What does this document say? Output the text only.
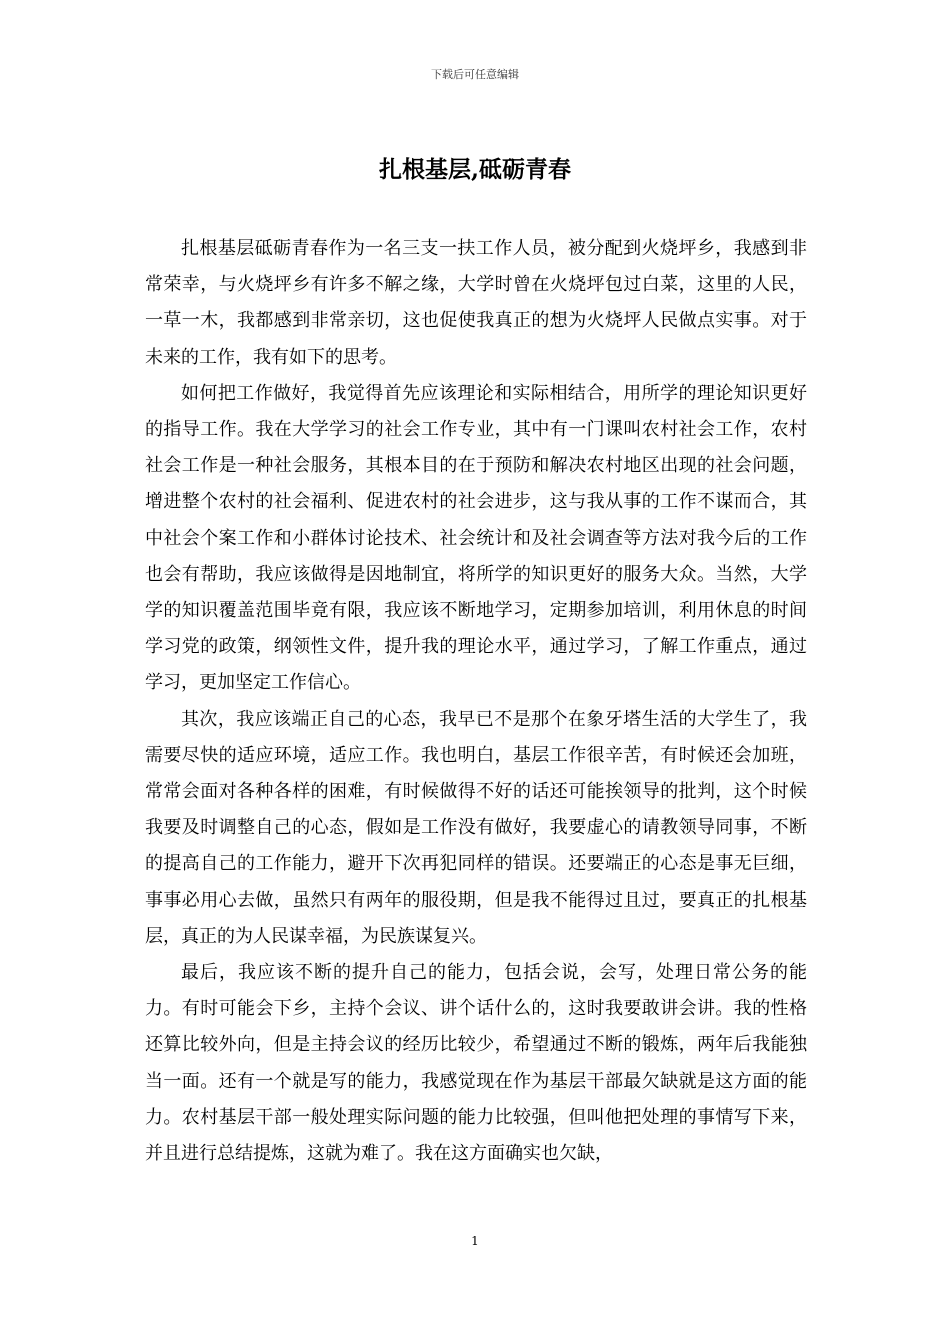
下载后可任意编辑
扎根基层,砥砺青春

扎根基层砥砺青春作为一名三支一扶工作人员，被分配到火烧坪乡，我感到非常荣幸，与火烧坪乡有许多不解之缘，大学时曾在火烧坪包过白菜，这里的人民，一草一木，我都感到非常亲切，这也促使我真正的想为火烧坪人民做点实事。对于未来的工作，我有如下的思考。

如何把工作做好，我觉得首先应该理论和实际相结合，用所学的理论知识更好的指导工作。我在大学学习的社会工作专业，其中有一门课叫农村社会工作，农村社会工作是一种社会服务，其根本目的在于预防和解决农村地区出现的社会问题，增进整个农村的社会福利、促进农村的社会进步，这与我从事的工作不谋而合，其中社会个案工作和小群体讨论技术、社会统计和及社会调查等方法对我今后的工作也会有帮助，我应该做得是因地制宜，将所学的知识更好的服务大众。当然，大学学的知识覆盖范围毕竟有限，我应该不断地学习，定期参加培训，利用休息的时间学习党的政策，纲领性文件，提升我的理论水平，通过学习，了解工作重点，通过学习，更加坚定工作信心。

其次，我应该端正自己的心态，我早已不是那个在象牙塔生活的大学生了，我需要尽快的适应环境，适应工作。我也明白，基层工作很辛苦，有时候还会加班，常常会面对各种各样的困难，有时候做得不好的话还可能挨领导的批判，这个时候我要及时调整自己的心态，假如是工作没有做好，我要虚心的请教领导同事，不断的提高自己的工作能力，避开下次再犯同样的错误。还要端正的心态是事无巨细，事事必用心去做，虽然只有两年的服役期，但是我不能得过且过，要真正的扎根基层，真正的为人民谋幸福，为民族谋复兴。

最后，我应该不断的提升自己的能力，包括会说，会写，处理日常公务的能力。有时可能会下乡，主持个会议、讲个话什么的，这时我要敢讲会讲。我的性格还算比较外向，但是主持会议的经历比较少，希望通过不断的锻炼，两年后我能独当一面。还有一个就是写的能力，我感觉现在作为基层干部最欠缺就是这方面的能力。农村基层干部一般处理实际问题的能力比较强，但叫他把处理的事情写下来，并且进行总结提炼，这就为难了。我在这方面确实也欠缺，

1
